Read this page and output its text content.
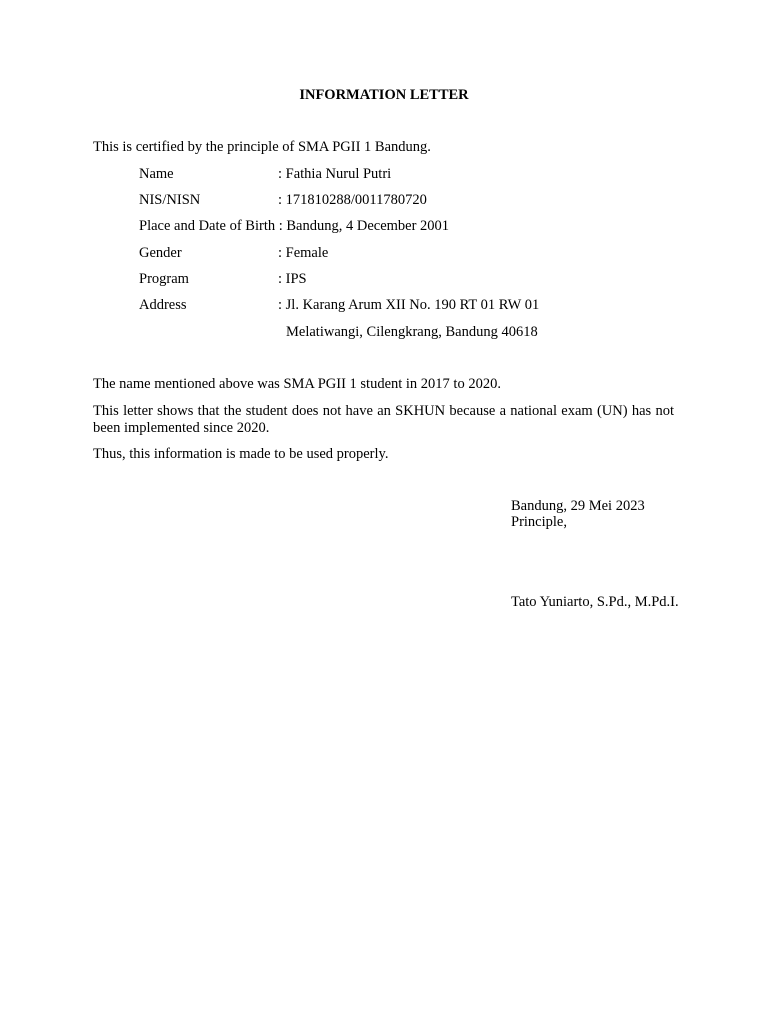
INFORMATION LETTER
This is certified by the principle of SMA PGII 1 Bandung.
Name	: Fathia Nurul Putri
NIS/NISN	: 171810288/0011780720
Place and Date of Birth : Bandung, 4 December 2001
Gender	: Female
Program	: IPS
Address	: Jl. Karang Arum XII No. 190 RT 01 RW 01
Melatiwangi, Cilengkrang, Bandung 40618
The name mentioned above was SMA PGII 1 student in 2017 to 2020.
This letter shows that the student does not have an SKHUN because a national exam (UN) has not been implemented since 2020.
Thus, this information is made to be used properly.
Bandung, 29 Mei 2023
Principle,
Tato Yuniarto, S.Pd., M.Pd.I.
